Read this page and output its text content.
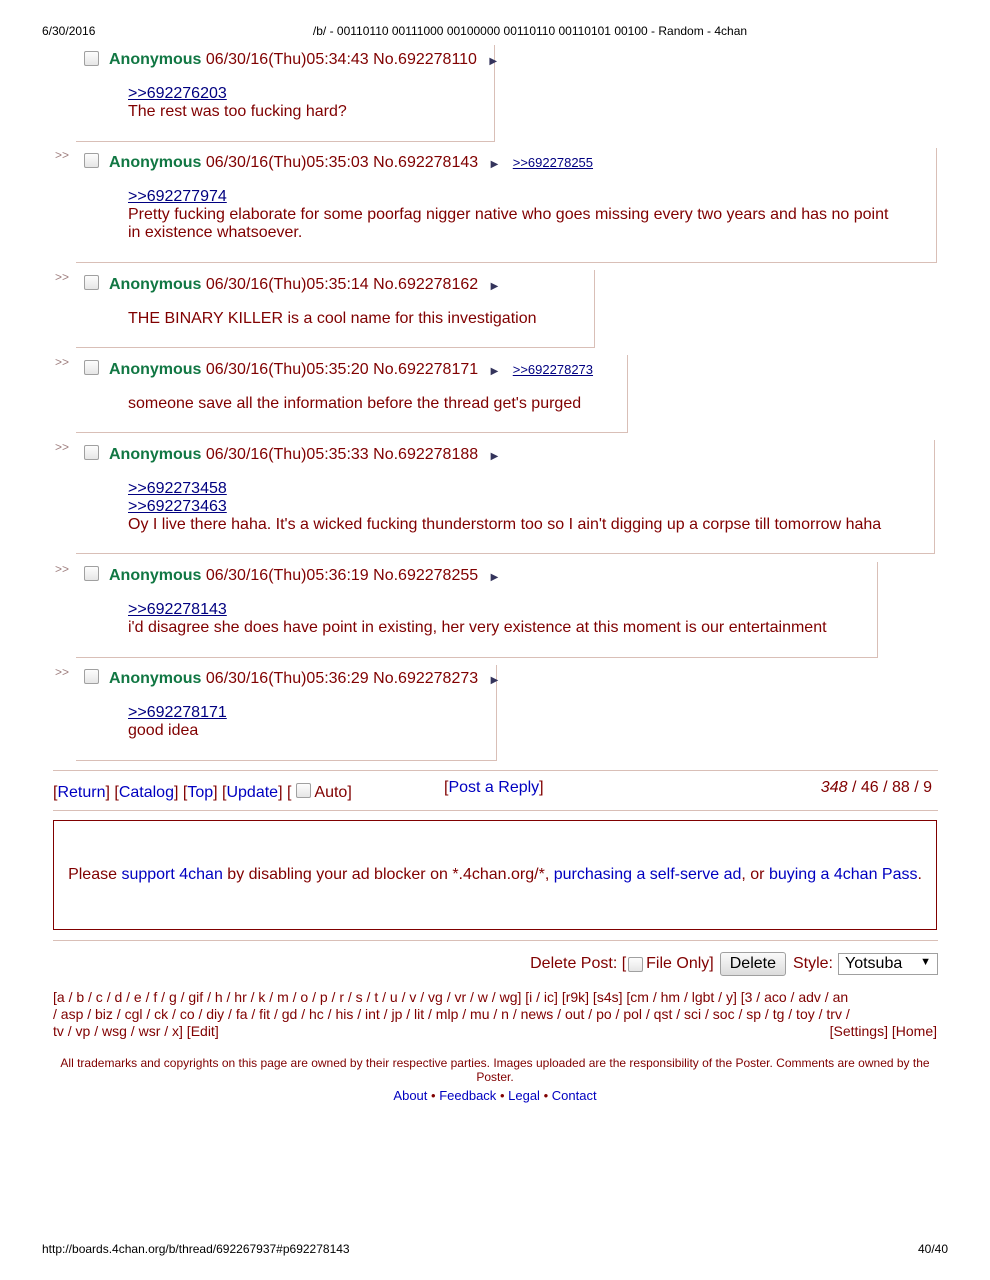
6/30/2016	/b/ - 00110110 00111000 00100000 00110110 00110101 00100 - Random - 4chan
Anonymous 06/30/16(Thu)05:34:43 No.692278110 ▶
>>692276203
The rest was too fucking hard?
>> Anonymous 06/30/16(Thu)05:35:03 No.692278143 ▶ >>692278255
>>692277974
Pretty fucking elaborate for some poorfag nigger native who goes missing every two years and has no point
in existence whatsoever.
>> Anonymous 06/30/16(Thu)05:35:14 No.692278162 ▶
THE BINARY KILLER is a cool name for this investigation
>> Anonymous 06/30/16(Thu)05:35:20 No.692278171 ▶ >>692278273
someone save all the information before the thread get's purged
>> Anonymous 06/30/16(Thu)05:35:33 No.692278188 ▶
>>692273458
>>692273463
Oy I live there haha. It's a wicked fucking thunderstorm too so I ain't digging up a corpse till tomorrow haha
>> Anonymous 06/30/16(Thu)05:36:19 No.692278255 ▶
>>692278143
i'd disagree she does have point in existing, her very existence at this moment is our entertainment
>> Anonymous 06/30/16(Thu)05:36:29 No.692278273 ▶
>>692278171
good idea
[Return] [Catalog] [Top] [Update] [  Auto]	[Post a Reply]	348 / 46 / 88 / 9
Please support 4chan by disabling your ad blocker on *.4chan.org/*, purchasing a self-serve ad, or buying a 4chan Pass.
Delete Post: [ File Only]	Delete	Style: Yotsuba ▼
[a / b / c / d / e / f / g / gif / h / hr / k / m / o / p / r / s / t / u / v / vg / vr / w / wg] [i / ic] [r9k] [s4s] [cm / hm / lgbt / y] [3 / aco / adv / an
/ asp / biz / cgl / ck / co / diy / fa / fit / gd / hc / his / int / jp / lit / mlp / mu / n / news / out / po / pol / qst / sci / soc / sp / tg / toy / trv /
tv / vp / wsg / wsr / x] [Edit]	[Settings] [Home]
All trademarks and copyrights on this page are owned by their respective parties. Images uploaded are the responsibility of the Poster. Comments are owned by the Poster.
About • Feedback • Legal • Contact
http://boards.4chan.org/b/thread/692267937#p692278143	40/40
